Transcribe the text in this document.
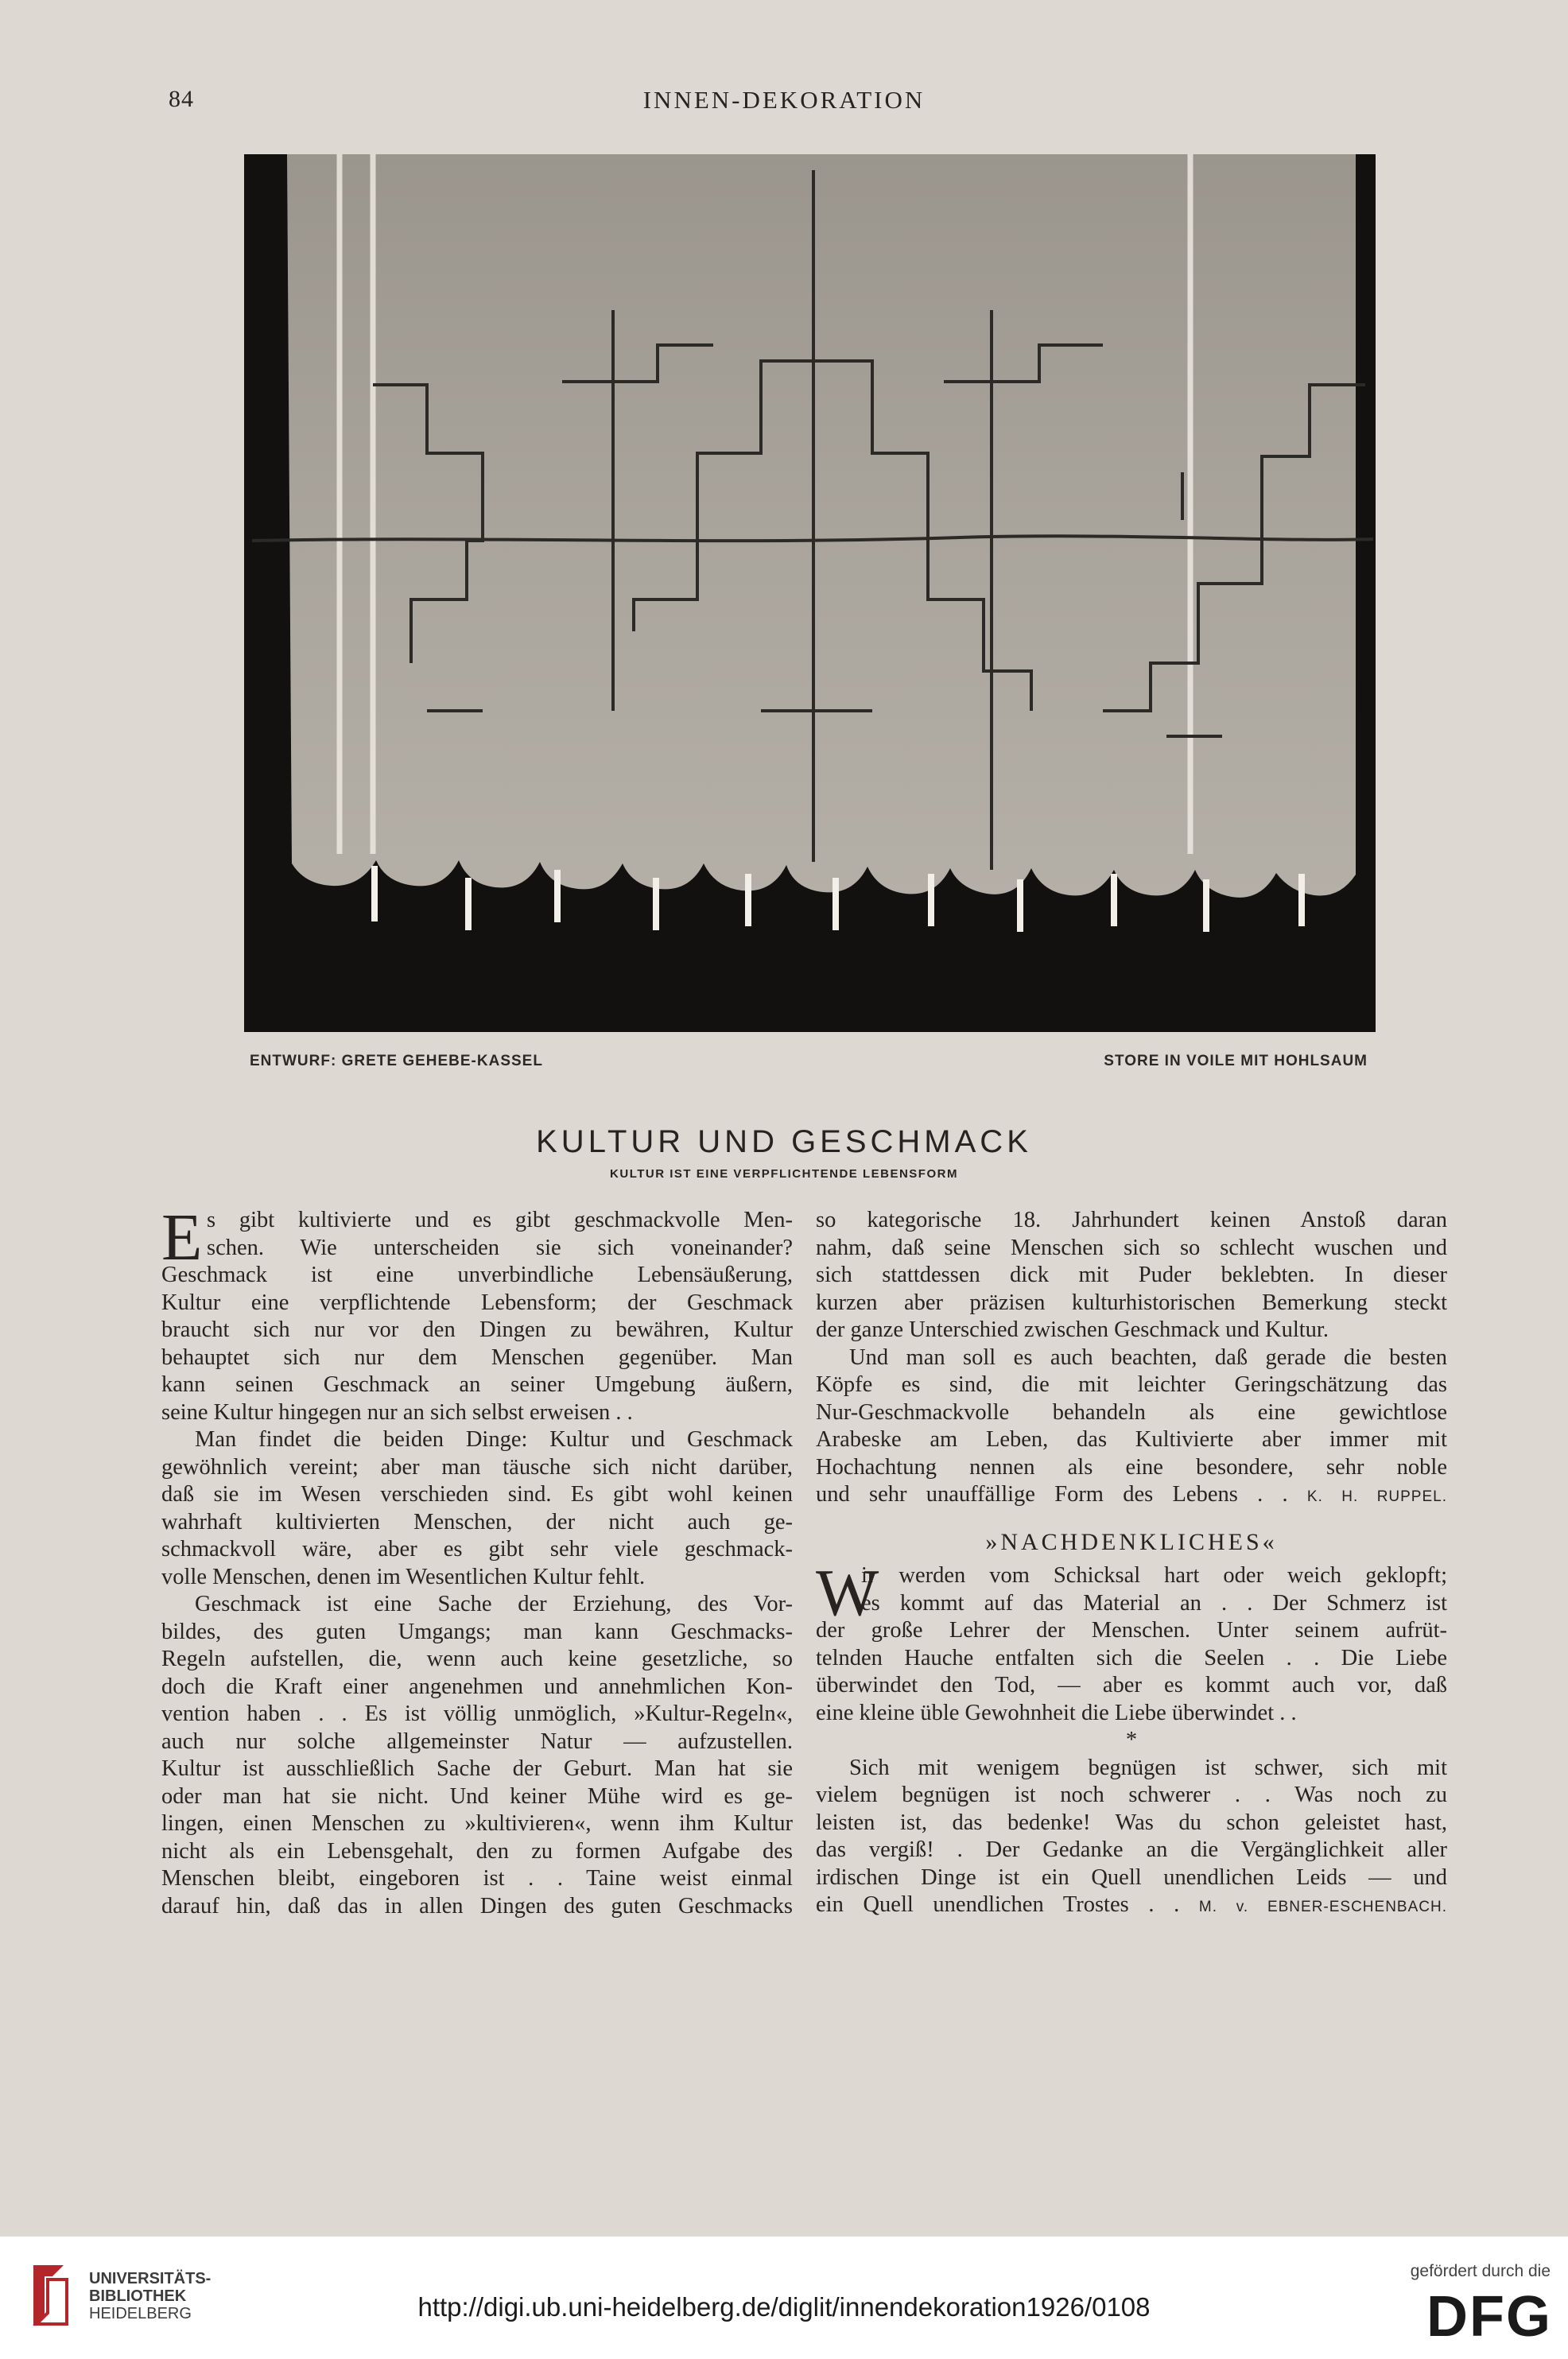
84	INNEN-DEKORATION
ENTWURF: GRETE GEHEBE-KASSEL	STORE IN VOILE MIT HOHLSAUM
KULTUR UND GESCHMACK
KULTUR IST EINE VERPFLICHTENDE LEBENSFORM
E s gibt kultivierte und es gibt geschmackvolle Men-

schen. Wie unterscheiden sie sich voneinander?

Geschmack ist eine unverbindliche Lebensäußerung,

Kultur eine verpflichtende Lebensform; der Geschmack

braucht sich nur vor den Dingen zu bewähren, Kultur

behauptet sich nur dem Menschen gegenüber. Man

kann seinen Geschmack an seiner Umgebung äußern,

seine Kultur hingegen nur an sich selbst erweisen . .

Man findet die beiden Dinge: Kultur und Geschmack

gewöhnlich vereint; aber man täusche sich nicht darüber,

daß sie im Wesen verschieden sind. Es gibt wohl keinen

wahrhaft kultivierten Menschen, der nicht auch ge-

schmackvoll wäre, aber es gibt sehr viele geschmack-

volle Menschen, denen im Wesentlichen Kultur fehlt.

Geschmack ist eine Sache der Erziehung, des Vor-

bildes, des guten Umgangs; man kann Geschmacks-

Regeln aufstellen, die, wenn auch keine gesetzliche, so

doch die Kraft einer angenehmen und annehmlichen Kon-

vention haben . . Es ist völlig unmöglich, »Kultur-Regeln«,

auch nur solche allgemeinster Natur — aufzustellen.

Kultur ist ausschließlich Sache der Geburt. Man hat sie

oder man hat sie nicht. Und keiner Mühe wird es ge-

lingen, einen Menschen zu »kultivieren«, wenn ihm Kultur

nicht als ein Lebensgehalt, den zu formen Aufgabe des

Menschen bleibt, eingeboren ist . . Taine weist einmal

darauf hin, daß das in allen Dingen des guten Geschmacks

so kategorische 18. Jahrhundert keinen Anstoß daran

nahm, daß seine Menschen sich so schlecht wuschen und

sich stattdessen dick mit Puder beklebten. In dieser

kurzen aber präzisen kulturhistorischen Bemerkung steckt

der ganze Unterschied zwischen Geschmack und Kultur.

Und man soll es auch beachten, daß gerade die besten

Köpfe es sind, die mit leichter Geringschätzung das

Nur-Geschmackvolle behandeln als eine gewichtlose

Arabeske am Leben, das Kultivierte aber immer mit

Hochachtung nennen als eine besondere, sehr noble

und sehr unauffällige Form des Lebens . . K. H. RUPPEL.

»NACHDENKLICHES«

W

ir werden vom Schicksal hart oder weich geklopft;

es kommt auf das Material an . . Der Schmerz ist

der große Lehrer der Menschen. Unter seinem aufrüt-

telnden Hauche entfalten sich die Seelen . . Die Liebe

überwindet den Tod, — aber es kommt auch vor, daß

eine kleine üble Gewohnheit die Liebe überwindet . .

*

Sich mit wenigem begnügen ist schwer, sich mit

vielem begnügen ist noch schwerer . . Was noch zu

leisten ist, das bedenke! Was du schon geleistet hast,

das vergiß! . Der Gedanke an die Vergänglichkeit aller

irdischen Dinge ist ein Quell unendlichen Leids — und

ein Quell unendlichen Trostes . . M. v. EBNER-ESCHENBACH.

UNIVERSITÄTS-
BIBLIOTHEK
HEIDELBERG	http://digi.ub.uni-heidelberg.de/diglit/innendekoration1926/0108
gefördert durch die
DFG
